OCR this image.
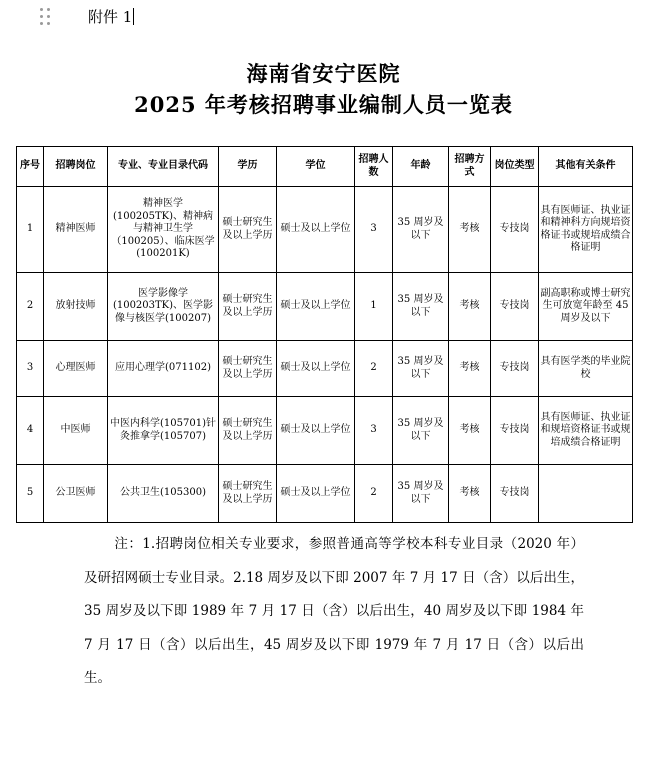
附件 1
海南省安宁医院
2025 年考核招聘事业编制人员一览表
序号	招聘岗位	专业、专业目录代码	学历	学位	招聘人数	年龄	招聘方式	岗位类型	其他有关条件
1	精神医师	精神医学(100205TK)、精神病与精神卫生学（100205）、临床医学(100201K)	硕士研究生及以上学历	硕士及以上学位	3	35 周岁及以下	考核	专技岗	具有医师证、执业证和精神科方向规培资格证书或规培成绩合格证明
2	放射技师	医学影像学(100203TK)、医学影像与核医学(100207)	硕士研究生及以上学历	硕士及以上学位	1	35 周岁及以下	考核	专技岗	副高职称或博士研究生可放宽年龄至 45 周岁及以下
3	心理医师	应用心理学(071102)	硕士研究生及以上学历	硕士及以上学位	2	35 周岁及以下	考核	专技岗	具有医学类的毕业院校
4	中医师	中医内科学(105701)针灸推拿学(105707)	硕士研究生及以上学历	硕士及以上学位	3	35 周岁及以下	考核	专技岗	具有医师证、执业证和规培资格证书或规培成绩合格证明
5	公卫医师	公共卫生(105300)	硕士研究生及以上学历	硕士及以上学位	2	35 周岁及以下	考核	专技岗	
注：1.招聘岗位相关专业要求，参照普通高等学校本科专业目录（2020 年）及研招网硕士专业目录。2.18 周岁及以下即 2007 年 7 月 17 日（含）以后出生，35 周岁及以下即 1989 年 7 月 17 日（含）以后出生，40 周岁及以下即 1984 年 7 月 17 日（含）以后出生，45 周岁及以下即 1979 年 7 月 17 日（含）以后出生。
